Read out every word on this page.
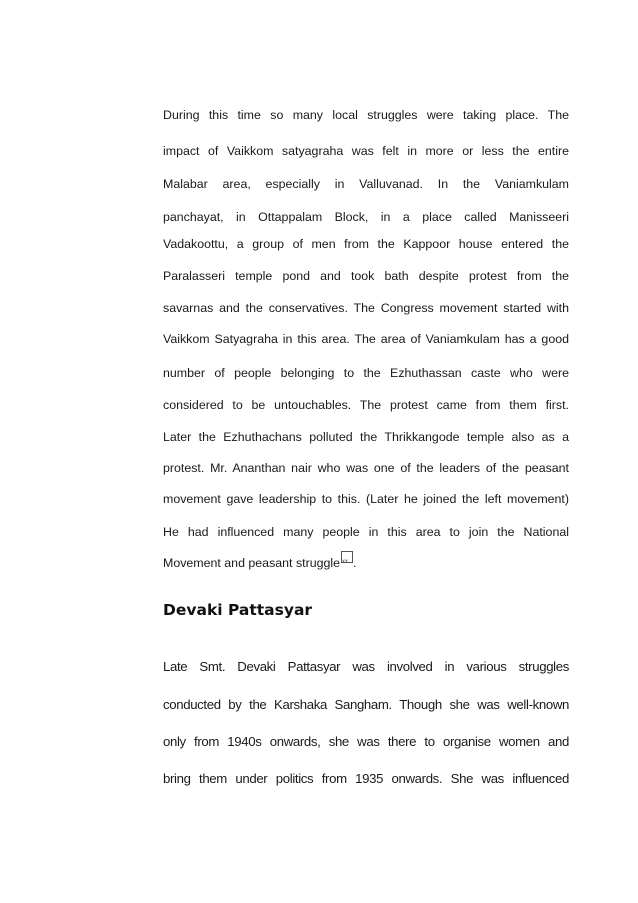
During this time so many local struggles were taking place. The
impact of Vaikkom satyagraha was felt in more or less the entire
Malabar area, especially in Valluvanad. In the Vaniamkulam
panchayat, in Ottappalam Block, in a place called Manisseeri
Vadakoottu, a group of men from the Kappoor house entered the
Paralasseri temple pond and took bath despite protest from the
savarnas and the conservatives. The Congress movement started with
Vaikkom Satyagraha in this area. The area of Vaniamkulam has a good
number of people belonging to the Ezhuthassan caste who were
considered to be untouchables. The protest came from them first.
Later the Ezhuthachans polluted the Thrikkangode temple also as a
protest. Mr. Ananthan nair who was one of the leaders of the peasant
movement gave leadership to this. (Later he joined the left movement)
He had influenced many people in this area to join the National
Movement and peasant struggle xx .
Devaki Pattasyar
Late Smt. Devaki Pattasyar was involved in various struggles
conducted by the Karshaka Sangham. Though she was well-known
only from 1940s onwards, she was there to organise women and
bring them under politics from 1935 onwards. She was influenced
